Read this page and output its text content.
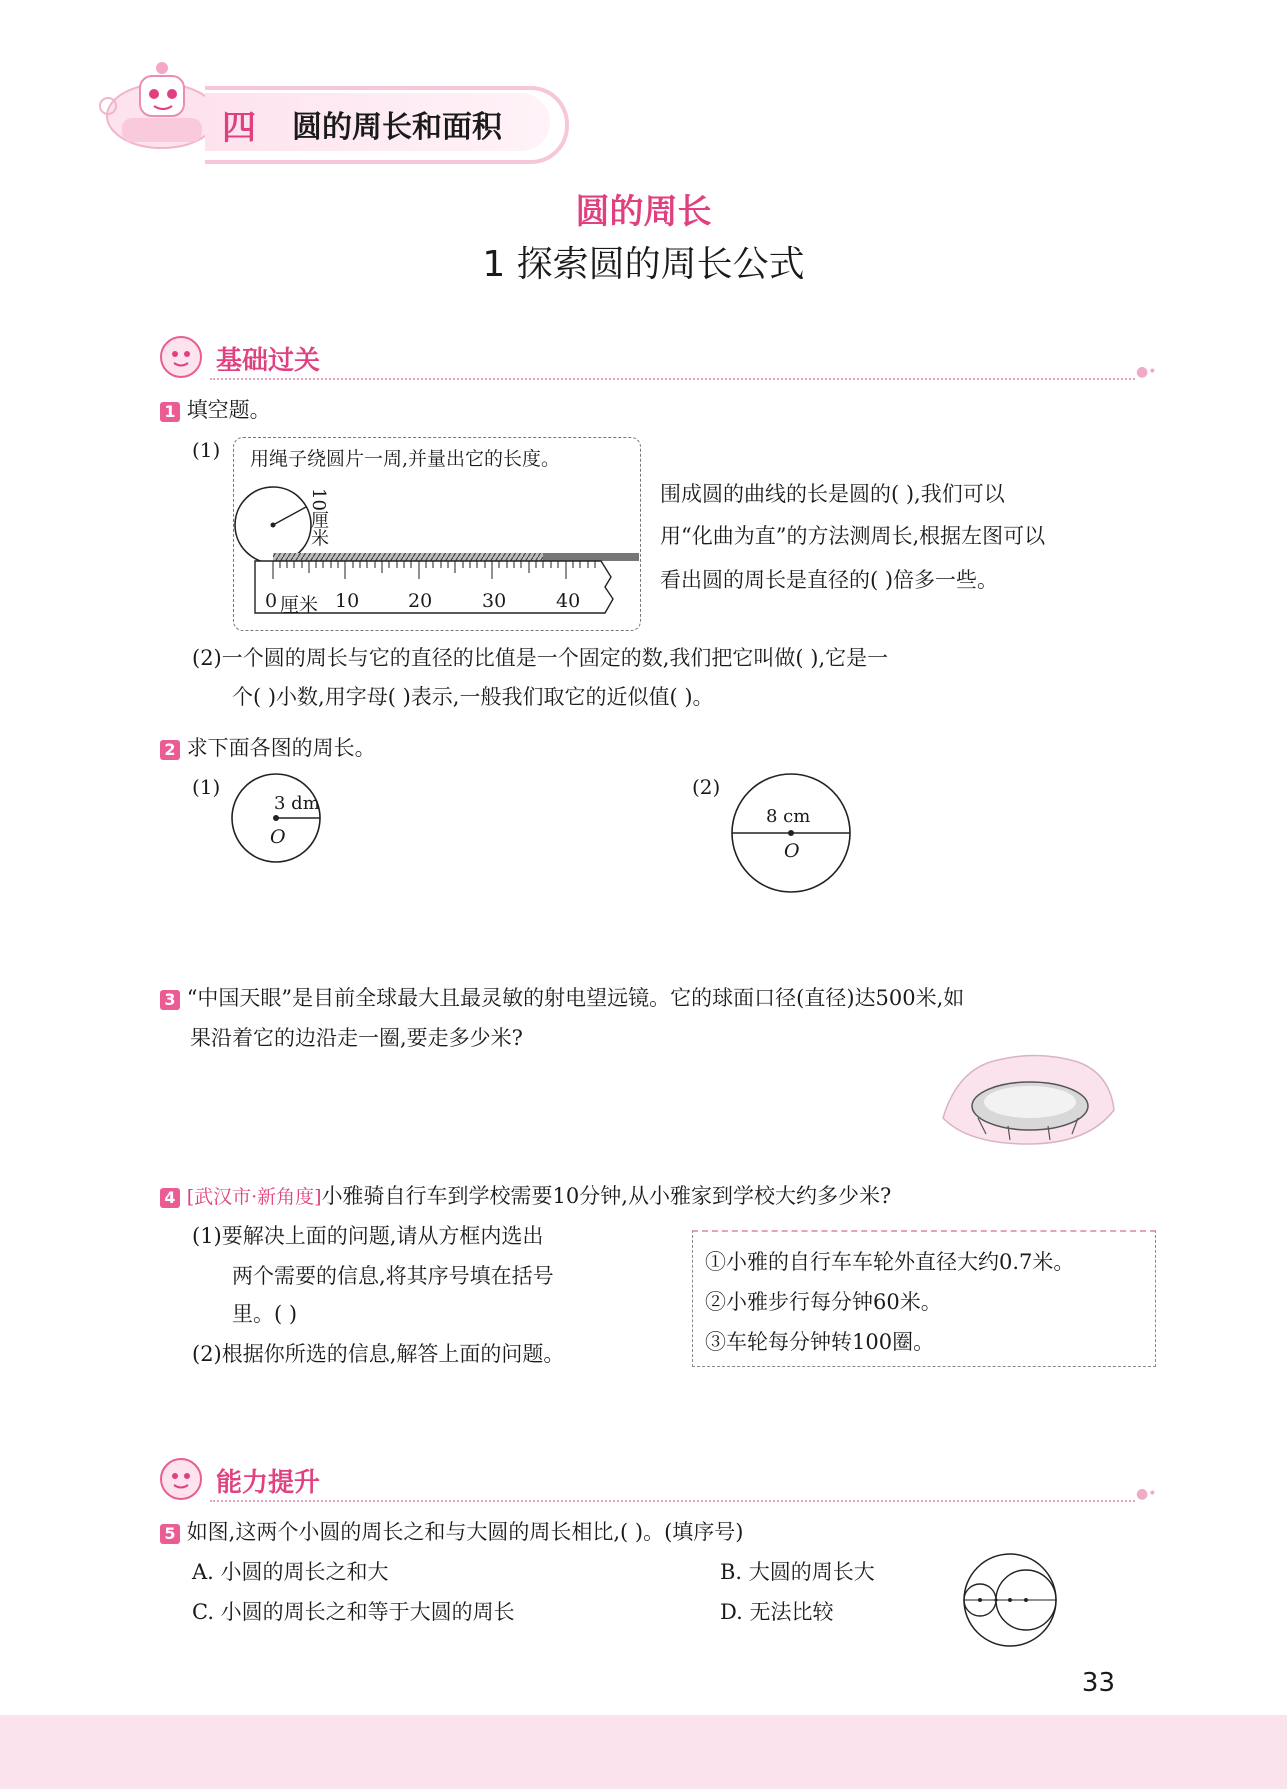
四 圆的周长和面积
圆的周长
1 探索圆的周长公式
基础过关	●•
1 填空题。
(1) 用绳子绕圆片一周,并量出它的长度。
10厘米
0 厘米 10	20	30	40
围成圆的曲线的长是圆的( ),我们可以
用“化曲为直”的方法测周长,根据左图可以
看出圆的周长是直径的( )倍多一些。
(2)一个圆的周长与它的直径的比值是一个固定的数,我们把它叫做( ),它是一
个( )小数,用字母( )表示,一般我们取它的近似值( )。
2 求下面各图的周长。
(1)
3 dm
O
(2)
8 cm
O
3 “中国天眼”是目前全球最大且最灵敏的射电望远镜。它的球面口径(直径)达500米,如
果沿着它的边沿走一圈,要走多少米?
4 [武汉市·新角度]小雅骑自行车到学校需要10分钟,从小雅家到学校大约多少米?
(1)要解决上面的问题,请从方框内选出
两个需要的信息,将其序号填在括号
里。( )
(2)根据你所选的信息,解答上面的问题。
①小雅的自行车车轮外直径大约0.7米。
②小雅步行每分钟60米。
③车轮每分钟转100圈。
能力提升	●•
5 如图,这两个小圆的周长之和与大圆的周长相比,( )。(填序号)
A. 小圆的周长之和大	B. 大圆的周长大
C. 小圆的周长之和等于大圆的周长	D. 无法比较
33
